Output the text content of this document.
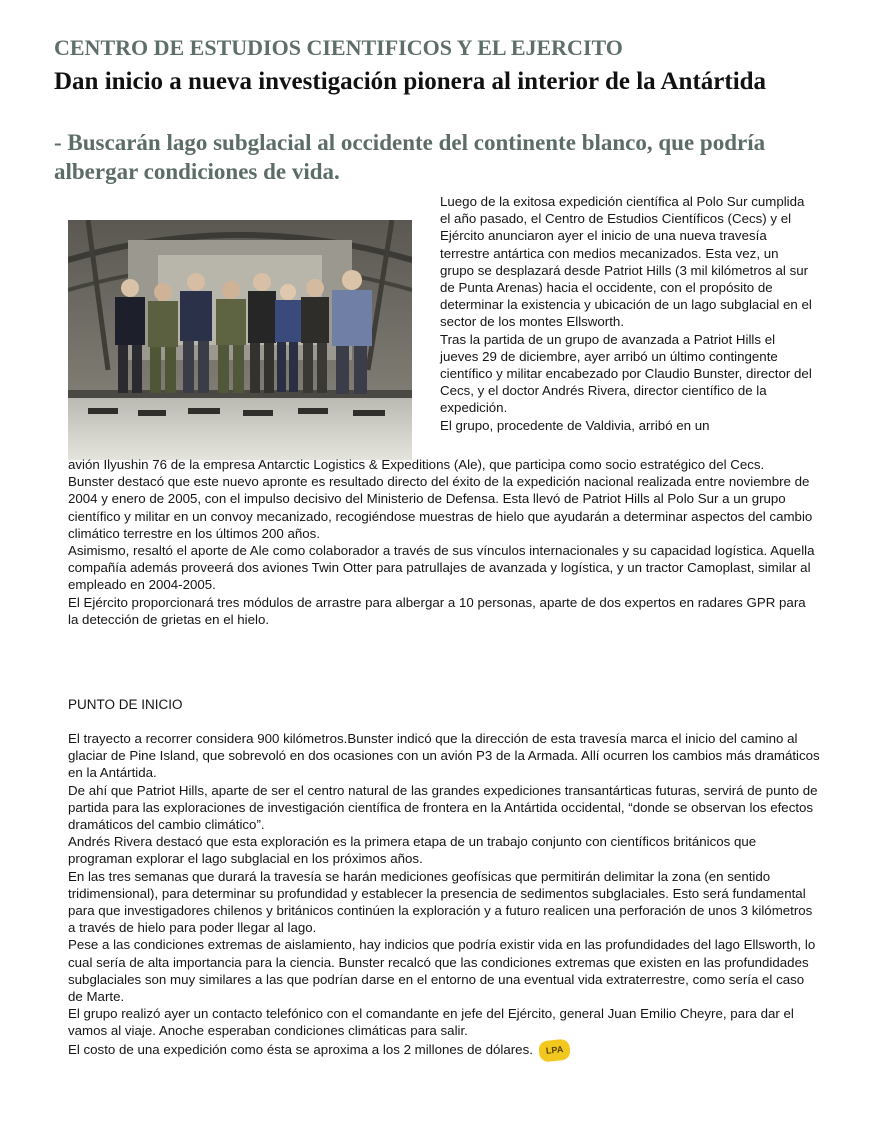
CENTRO DE ESTUDIOS CIENTIFICOS Y EL EJERCITO
Dan inicio a nueva investigación pionera al interior de la Antártida
- Buscarán lago subglacial al occidente del continente blanco, que podría albergar condiciones de vida.

Luego de la exitosa expedición científica al Polo Sur cumplida el año pasado, el Centro de Estudios Científicos (Cecs) y el Ejército anunciaron ayer el inicio de una nueva travesía terrestre antártica con medios mecanizados. Esta vez, un grupo se desplazará desde Patriot Hills (3 mil kilómetros al sur de Punta Arenas) hacia el occidente, con el propósito de determinar la existencia y ubicación de un lago subglacial en el sector de los montes Ellsworth.

Tras la partida de un grupo de avanzada a Patriot Hills el jueves 29 de diciembre, ayer arribó un último contingente científico y militar encabezado por Claudio Bunster, director del Cecs, y el doctor Andrés Rivera, director científico de la expedición.

El grupo, procedente de Valdivia, arribó en un

avión Ilyushin 76 de la empresa Antarctic Logistics & Expeditions (Ale), que participa como socio estratégico del Cecs.

Bunster destacó que este nuevo apronte es resultado directo del éxito de la expedición nacional realizada entre noviembre de 2004 y enero de 2005, con el impulso decisivo del Ministerio de Defensa. Esta llevó de Patriot Hills al Polo Sur a un grupo científico y militar en un convoy mecanizado, recogiéndose muestras de hielo que ayudarán a determinar aspectos del cambio climático terrestre en los últimos 200 años.

Asimismo, resaltó el aporte de Ale como colaborador a través de sus vínculos internacionales y su capacidad logística. Aquella compañía además proveerá dos aviones Twin Otter para patrullajes de avanzada y logística, y un tractor Camoplast, similar al empleado en 2004-2005.

El Ejército proporcionará tres módulos de arrastre para albergar a 10 personas, aparte de dos expertos en radares GPR para la detección de grietas en el hielo.

PUNTO DE INICIO

El trayecto a recorrer considera 900 kilómetros.Bunster indicó que la dirección de esta travesía marca el inicio del camino al glaciar de Pine Island, que sobrevoló en dos ocasiones con un avión P3 de la Armada. Allí ocurren los cambios más dramáticos en la Antártida.

De ahí que Patriot Hills, aparte de ser el centro natural de las grandes expediciones transantárticas futuras, servirá de punto de partida para las exploraciones de investigación científica de frontera en la Antártida occidental, “donde se observan los efectos dramáticos del cambio climático”.

Andrés Rivera destacó que esta exploración es la primera etapa de un trabajo conjunto con científicos británicos que programan explorar el lago subglacial en los próximos años.

En las tres semanas que durará la travesía se harán mediciones geofísicas que permitirán delimitar la zona (en sentido tridimensional), para determinar su profundidad y establecer la presencia de sedimentos subglaciales. Esto será fundamental para que investigadores chilenos y británicos continúen la exploración y a futuro realicen una perforación de unos 3 kilómetros a través de hielo para poder llegar al lago.

Pese a las condiciones extremas de aislamiento, hay indicios que podría existir vida en las profundidades del lago Ellsworth, lo cual sería de alta importancia para la ciencia. Bunster recalcó que las condiciones extremas que existen en las profundidades subglaciales son muy similares a las que podrían darse en el entorno de una eventual vida extraterrestre, como sería el caso de Marte.

El grupo realizó ayer un contacto telefónico con el comandante en jefe del Ejército, general Juan Emilio Cheyre, para dar el vamos al viaje. Anoche esperaban condiciones climáticas para salir.

El costo de una expedición como ésta se aproxima a los 2 millones de dólares. LPA
